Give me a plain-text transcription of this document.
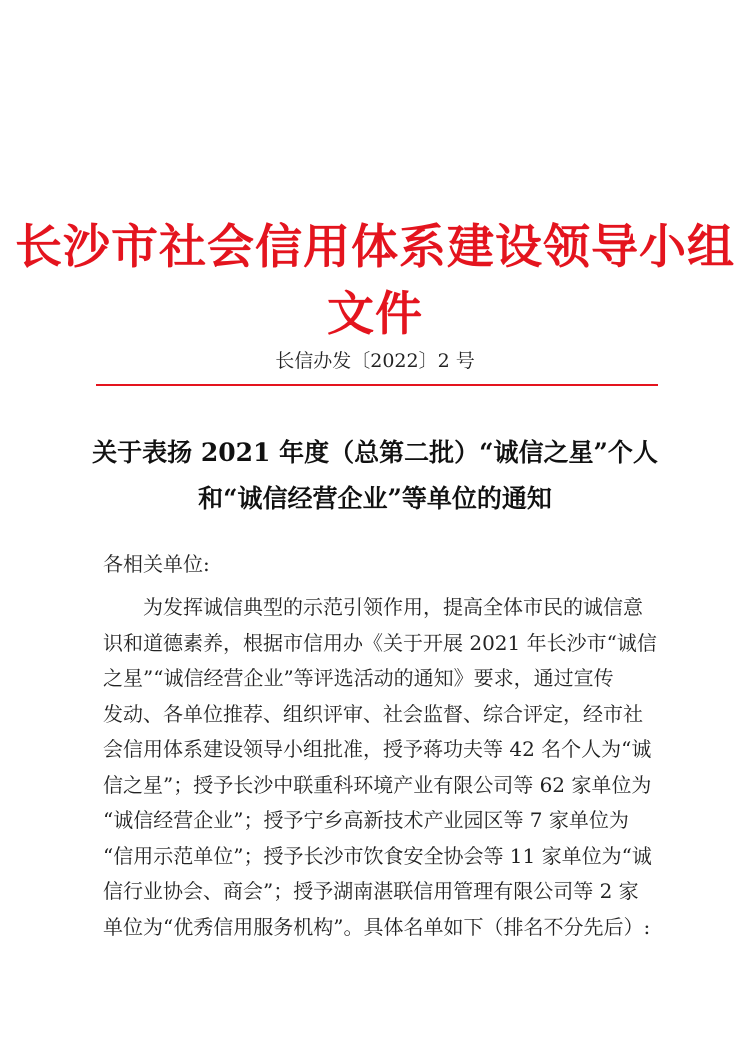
长沙市社会信用体系建设领导小组文件
长信办发〔2022〕2 号
关于表扬 2021 年度（总第二批）“诚信之星”个人
和“诚信经营企业”等单位的通知
各相关单位:
为发挥诚信典型的示范引领作用，提高全体市民的诚信意
识和道德素养，根据市信用办《关于开展 2021 年长沙市“诚信
之星”“诚信经营企业”等评选活动的通知》要求，通过宣传
发动、各单位推荐、组织评审、社会监督、综合评定，经市社
会信用体系建设领导小组批准，授予蒋功夫等 42 名个人为“诚
信之星”；授予长沙中联重科环境产业有限公司等 62 家单位为
“诚信经营企业”；授予宁乡高新技术产业园区等 7 家单位为
“信用示范单位”；授予长沙市饮食安全协会等 11 家单位为“诚
信行业协会、商会”；授予湖南湛联信用管理有限公司等 2 家
单位为“优秀信用服务机构”。具体名单如下（排名不分先后）:
